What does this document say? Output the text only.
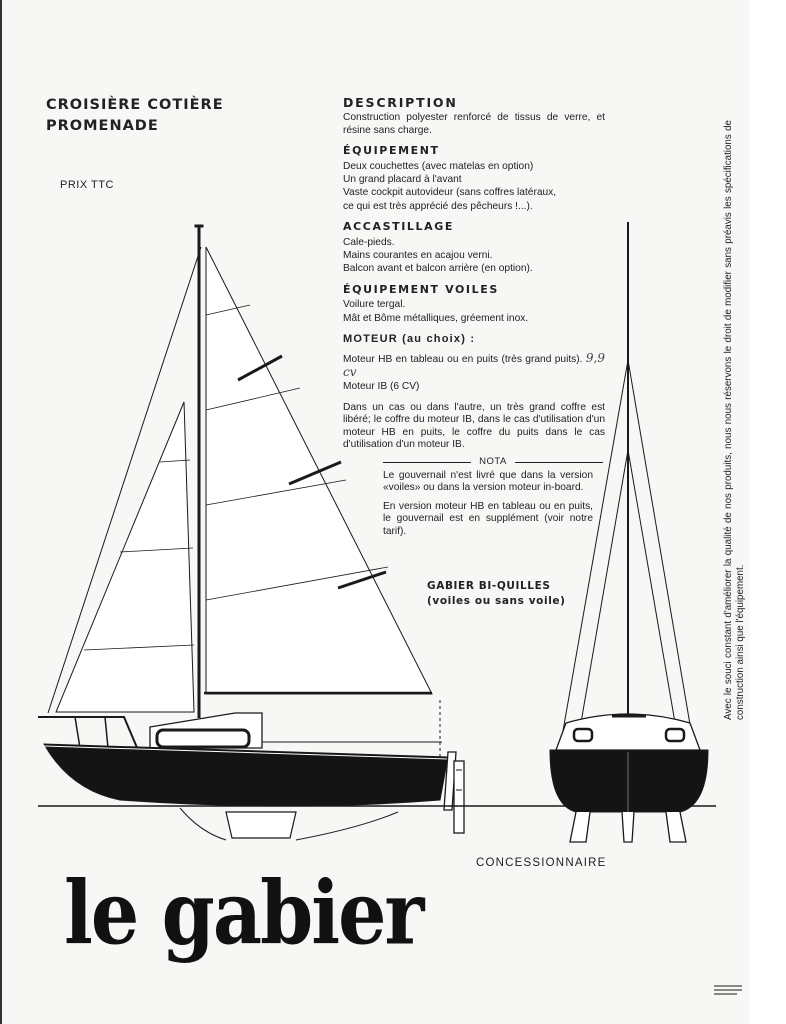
CROISIÈRE COTIÈRE
PROMENADE
PRIX TTC
DESCRIPTION

Construction polyester renforcé de tissus de verre, et résine sans charge.

ÉQUIPEMENT

Deux couchettes (avec matelas en option)

Un grand placard à l'avant

Vaste cockpit autovideur (sans coffres latéraux,

ce qui est très apprécié des pêcheurs !...).

ACCASTILLAGE

Cale-pieds.

Mains courantes en acajou verni.

Balcon avant et balcon arrière (en option).

ÉQUIPEMENT VOILES

Voilure tergal.

Mât et Bôme métalliques, gréement inox.

MOTEUR (au choix) :

Moteur HB en tableau ou en puits (très grand puits). 9,9 cv

Moteur IB (6 CV)

Dans un cas ou dans l'autre, un très grand coffre est libéré; le coffre du moteur IB, dans le cas d'utilisation d'un moteur HB en puits, le coffre du puits dans le cas d'utilisation d'un moteur IB.

NOTA

Le gouvernail n'est livré que dans la version «voiles» ou dans la version moteur in-board.

En version moteur HB en tableau ou en puits, le gouvernail est en supplément (voir notre tarif).

GABIER BI-QUILLES
(voiles ou sans voile)
CONCESSIONNAIRE
le gabier
Avec le souci constant d'améliorer la qualité de nos produits, nous nous réservons le droit de modifier sans préavis les spécifications de construction ainsi que l'équipement.
